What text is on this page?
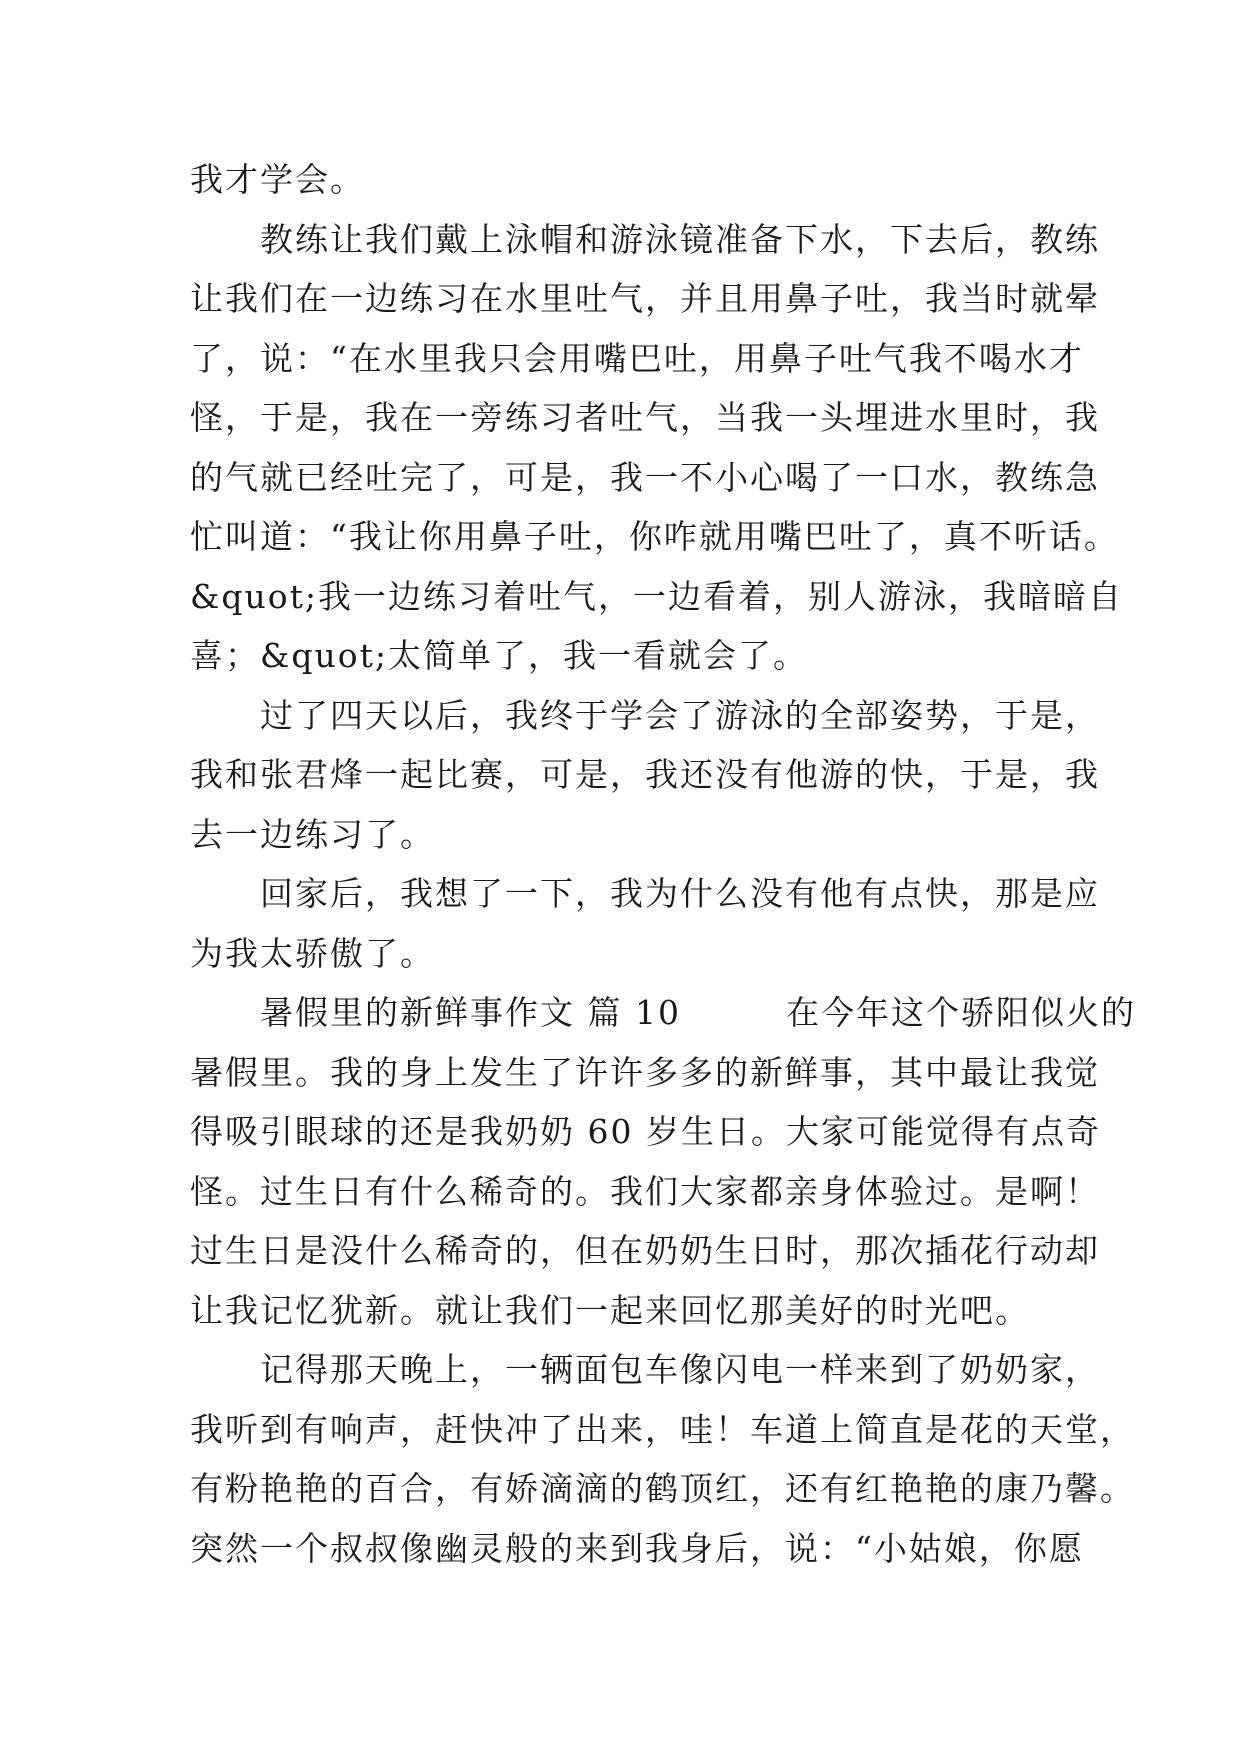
我才学会。
　　教练让我们戴上泳帽和游泳镜准备下水，下去后，教练
让我们在一边练习在水里吐气，并且用鼻子吐，我当时就晕
了，说：“在水里我只会用嘴巴吐，用鼻子吐气我不喝水才
怪，于是，我在一旁练习者吐气，当我一头埋进水里时，我
的气就已经吐完了，可是，我一不小心喝了一口水，教练急
忙叫道：“我让你用鼻子吐，你咋就用嘴巴吐了，真不听话。
&quot;我一边练习着吐气，一边看着，别人游泳，我暗暗自
喜；&quot;太简单了，我一看就会了。
　　过了四天以后，我终于学会了游泳的全部姿势，于是，
我和张君烽一起比赛，可是，我还没有他游的快，于是，我
去一边练习了。
　　回家后，我想了一下，我为什么没有他有点快，那是应
为我太骄傲了。
　　暑假里的新鲜事作文 篇 10　　　在今年这个骄阳似火的
暑假里。我的身上发生了许许多多的新鲜事，其中最让我觉
得吸引眼球的还是我奶奶 60 岁生日。大家可能觉得有点奇
怪。过生日有什么稀奇的。我们大家都亲身体验过。是啊！
过生日是没什么稀奇的，但在奶奶生日时，那次插花行动却
让我记忆犹新。就让我们一起来回忆那美好的时光吧。
　　记得那天晚上，一辆面包车像闪电一样来到了奶奶家，
我听到有响声，赶快冲了出来，哇！车道上简直是花的天堂，
有粉艳艳的百合，有娇滴滴的鹤顶红，还有红艳艳的康乃馨。
突然一个叔叔像幽灵般的来到我身后，说：“小姑娘，你愿
